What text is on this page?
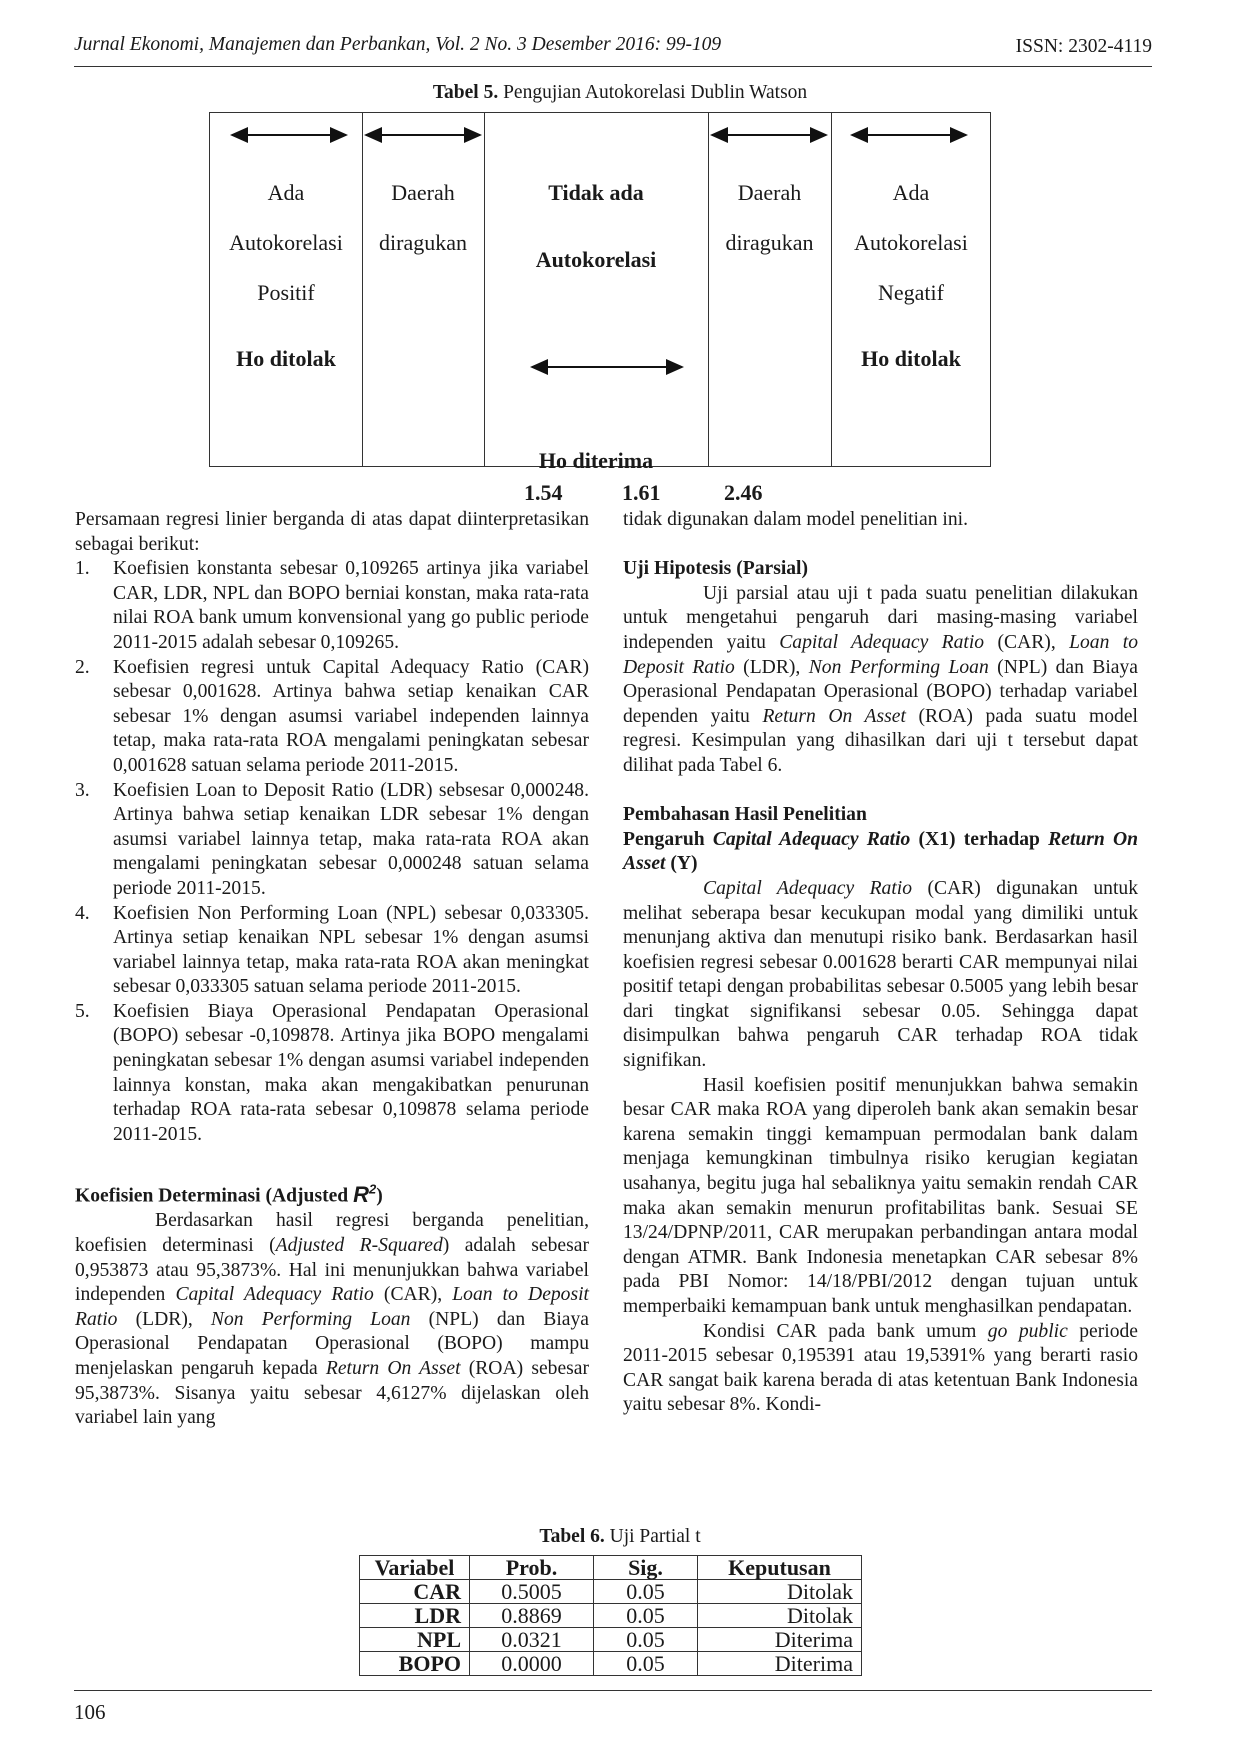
Jurnal Ekonomi, Manajemen dan Perbankan, Vol. 2 No. 3 Desember 2016: 99-109	ISSN: 2302-4119
Tabel 5. Pengujian Autokorelasi Dublin Watson
Ada
Autokorelasi
Positif
Ho ditolak
Daerah
diragukan
Tidak ada
Autokorelasi
Ho diterima
Daerah
diragukan
Ada
Autokorelasi
Negatif
Ho ditolak
1.54	1.61	2.46

Persamaan regresi linier berganda di atas dapat diinterpretasikan sebagai berikut:

1. Koefisien konstanta sebesar 0,109265 artinya jika variabel CAR, LDR, NPL dan BOPO berniai konstan, maka rata-rata nilai ROA bank umum konvensional yang go public periode 2011-2015 adalah sebesar 0,109265.
2. Koefisien regresi untuk Capital Adequacy Ratio (CAR) sebesar 0,001628. Artinya bahwa setiap kenaikan CAR sebesar 1% dengan asumsi variabel independen lainnya tetap, maka rata-rata ROA mengalami peningkatan sebesar 0,001628 satuan selama periode 2011-2015.
3. Koefisien Loan to Deposit Ratio (LDR) sebsesar 0,000248. Artinya bahwa setiap kenaikan LDR sebesar 1% dengan asumsi variabel lainnya tetap, maka rata-rata ROA akan mengalami peningkatan sebesar 0,000248 satuan selama periode 2011-2015.
4. Koefisien Non Performing Loan (NPL) sebesar 0,033305. Artinya setiap kenaikan NPL sebesar 1% dengan asumsi variabel lainnya tetap, maka rata-rata ROA akan meningkat sebesar 0,033305 satuan selama periode 2011-2015.
5. Koefisien Biaya Operasional Pendapatan Operasional (BOPO) sebesar -0,109878. Artinya jika BOPO mengalami peningkatan sebesar 1% dengan asumsi variabel independen lainnya konstan, maka akan mengakibatkan penurunan terhadap ROA rata-rata sebesar 0,109878 selama periode 2011-2015.
Koefisien Determinasi (Adjusted $R^2$)

Berdasarkan hasil regresi berganda penelitian, koefisien determinasi (Adjusted R-Squared) adalah sebesar 0,953873 atau 95,3873%. Hal ini menunjukkan bahwa variabel independen Capital Adequacy Ratio (CAR), Loan to Deposit Ratio (LDR), Non Performing Loan (NPL) dan Biaya Operasional Pendapatan Operasional (BOPO) mampu menjelaskan pengaruh kepada Return On Asset (ROA) sebesar 95,3873%. Sisanya yaitu sebesar 4,6127% dijelaskan oleh variabel lain yang

tidak digunakan dalam model penelitian ini.

Uji Hipotesis (Parsial)

Uji parsial atau uji t pada suatu penelitian dilakukan untuk mengetahui pengaruh dari masing-masing variabel independen yaitu Capital Adequacy Ratio (CAR), Loan to Deposit Ratio (LDR), Non Performing Loan (NPL) dan Biaya Operasional Pendapatan Operasional (BOPO) terhadap variabel dependen yaitu Return On Asset (ROA) pada suatu model regresi. Kesimpulan yang dihasilkan dari uji t tersebut dapat dilihat pada Tabel 6.

Pembahasan Hasil Penelitian
Pengaruh Capital Adequacy Ratio (X1) terhadap Return On Asset (Y)

Capital Adequacy Ratio (CAR) digunakan untuk melihat seberapa besar kecukupan modal yang dimiliki untuk menunjang aktiva dan menutupi risiko bank. Berdasarkan hasil koefisien regresi sebesar 0.001628 berarti CAR mempunyai nilai positif tetapi dengan probabilitas sebesar 0.5005 yang lebih besar dari tingkat signifikansi sebesar 0.05. Sehingga dapat disimpulkan bahwa pengaruh CAR terhadap ROA tidak signifikan.

Hasil koefisien positif menunjukkan bahwa semakin besar CAR maka ROA yang diperoleh bank akan semakin besar karena semakin tinggi kemampuan permodalan bank dalam menjaga kemungkinan timbulnya risiko kerugian kegiatan usahanya, begitu juga hal sebaliknya yaitu semakin rendah CAR maka akan semakin menurun profitabilitas bank. Sesuai SE 13/24/DPNP/2011, CAR merupakan perbandingan antara modal dengan ATMR. Bank Indonesia menetapkan CAR sebesar 8% pada PBI Nomor: 14/18/PBI/2012 dengan tujuan untuk memperbaiki kemampuan bank untuk menghasilkan pendapatan.

Kondisi CAR pada bank umum go public periode 2011-2015 sebesar 0,195391 atau 19,5391% yang berarti rasio CAR sangat baik karena berada di atas ketentuan Bank Indonesia yaitu sebesar 8%. Kondi-

Tabel 6. Uji Partial t
Variabel	Prob.	Sig.	Keputusan
CAR	0.5005	0.05	Ditolak
LDR	0.8869	0.05	Ditolak
NPL	0.0321	0.05	Diterima
BOPO	0.0000	0.05	Diterima
106
